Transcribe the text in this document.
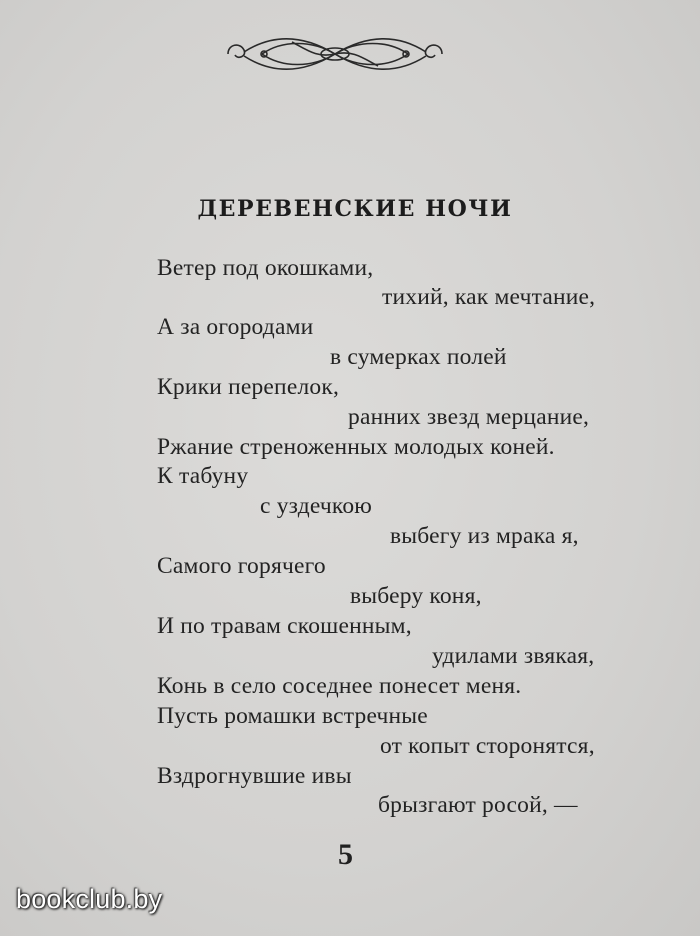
ДЕРЕВЕНСКИЕ НОЧИ
Ветер под окошками,
тихий, как мечтание,
А за огородами
в сумерках полей
Крики перепелок,
ранних звезд мерцание,
Ржание стреноженных молодых коней.
К табуну
с уздечкою
выбегу из мрака я,
Самого горячего
выберу коня,
И по травам скошенным,
удилами звякая,
Конь в село соседнее понесет меня.
Пусть ромашки встречные
от копыт сторонятся,
Вздрогнувшие ивы
брызгают росой, —
5
bookclub.by
